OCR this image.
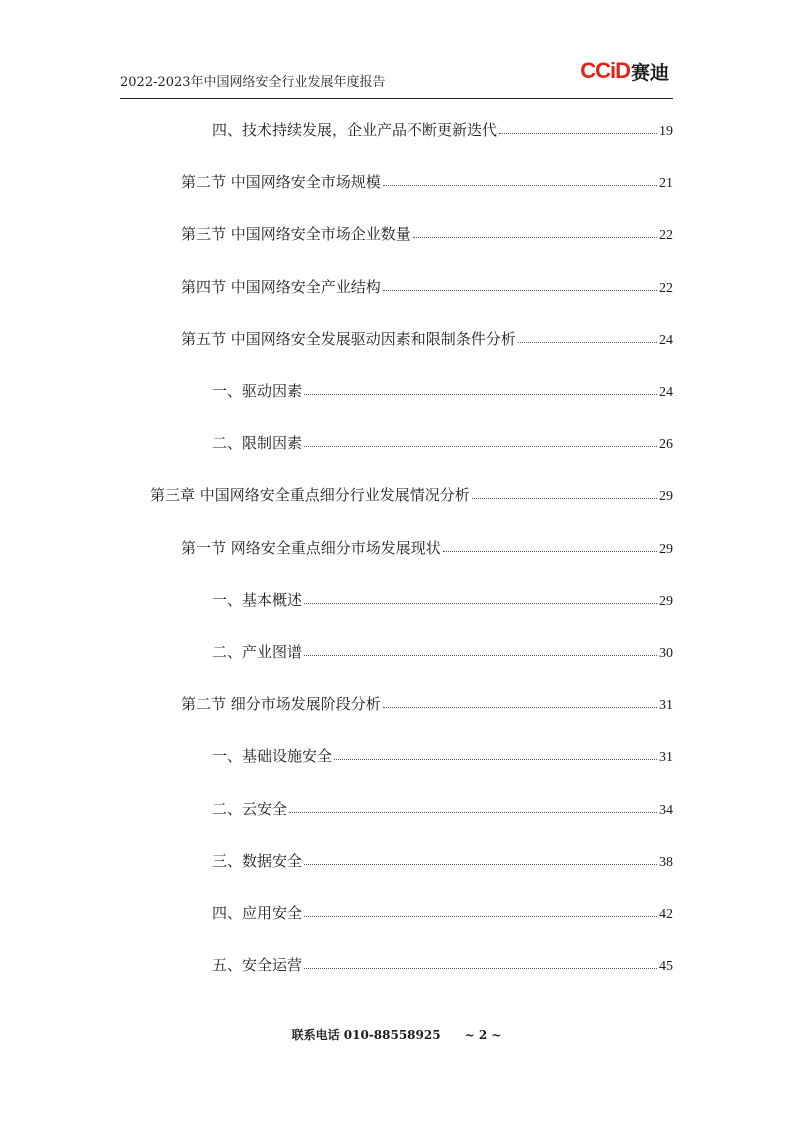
2022-2023年中国网络安全行业发展年度报告	CCiD 赛迪
四、技术持续发展，企业产品不断更新迭代	19
第二节 中国网络安全市场规模	21
第三节 中国网络安全市场企业数量	22
第四节 中国网络安全产业结构	22
第五节 中国网络安全发展驱动因素和限制条件分析	24
一、驱动因素	24
二、限制因素	26
第三章 中国网络安全重点细分行业发展情况分析	29
第一节 网络安全重点细分市场发展现状	29
一、基本概述	29
二、产业图谱	30
第二节 细分市场发展阶段分析	31
一、基础设施安全	31
二、云安全	34
三、数据安全	38
四、应用安全	42
五、安全运营	45
联系电话 010-88558925 ~ 2 ~
